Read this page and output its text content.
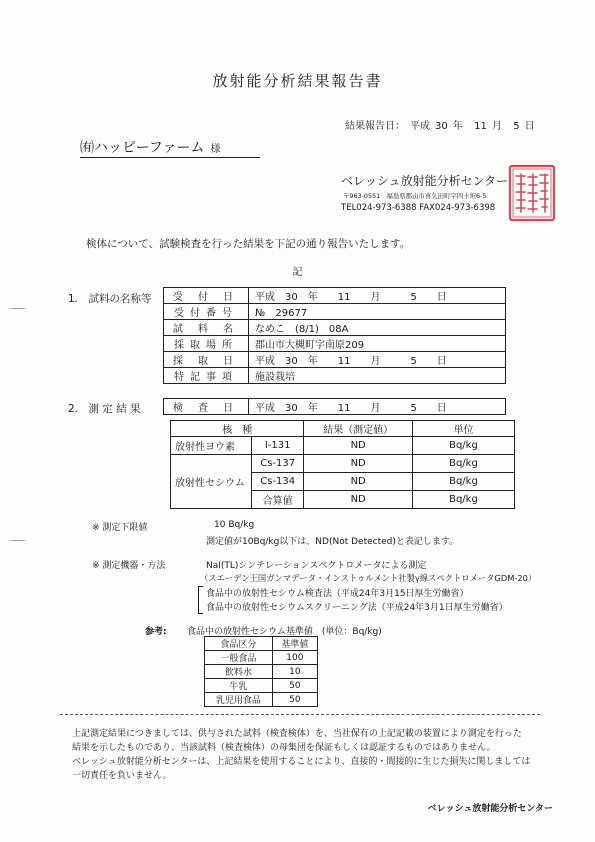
放射能分析結果報告書
結果報告日： 平成 30 年 11 月 5 日
㈲ハッピーファーム 様
ベレッシュ放射能分析センター
〒963-0551　福島県郡山市喜久田町字四十坦6-5
TEL024-973-6388 FAX024-973-6398
検体について、試験検査を行った結果を下記の通り報告いたします。
記
1.　試料の名称等 受 付 日	平成　30　年　　11　　月　　　5　　日
受付番号	№　29677
試 料 名	なめこ　(8/1)　08A
採取場所	郡山市大槻町字南原209
採 取 日	平成　30　年　　11　　月　　　5　　日
特記事項	施設栽培
2.　測 定 結 果	検 査 日	平成　30　年　　11　　月　　　5　　日
核　種		結果（測定値）	単位
放射性ヨウ素	I-131	ND	Bq/kg
放射性セシウム	Cs-137	ND	Bq/kg
	Cs-134	ND	Bq/kg
	合算値	ND	Bq/kg
※ 測定下限値	10 Bq/kg
測定値が10Bq/kg以下は、ND(Not Detected)と表記します。
※ 測定機器・方法	NaI(TL)シンチレーションスペクトロメータによる測定
（スエーデン王国ガンマデータ・インストゥルメント社製γ線スペクトロメータGDM-20）
食品中の放射性セシウム検査法（平成24年3月15日厚生労働省）
食品中の放射性セシウムスクリーニング法（平成24年3月1日厚生労働省）
参考: 食品中の放射性セシウム基準値　(単位：Bq/kg)
食品区分	基準値
一般食品	100
飲料水	10
牛乳	50
乳児用食品	50
上記測定結果につきましては、供与された試料（検査検体）を、当社保有の上記記載の装置により測定を行った
結果を示したものであり、当該試料（検査検体）の母集団を保証もしくは認証するものではありません。
ベレッシュ放射能分析センターは、上記結果を使用することにより、直接的・間接的に生じた損失に関しましては
一切責任を負いません。
ベレッシュ放射能分析センター
